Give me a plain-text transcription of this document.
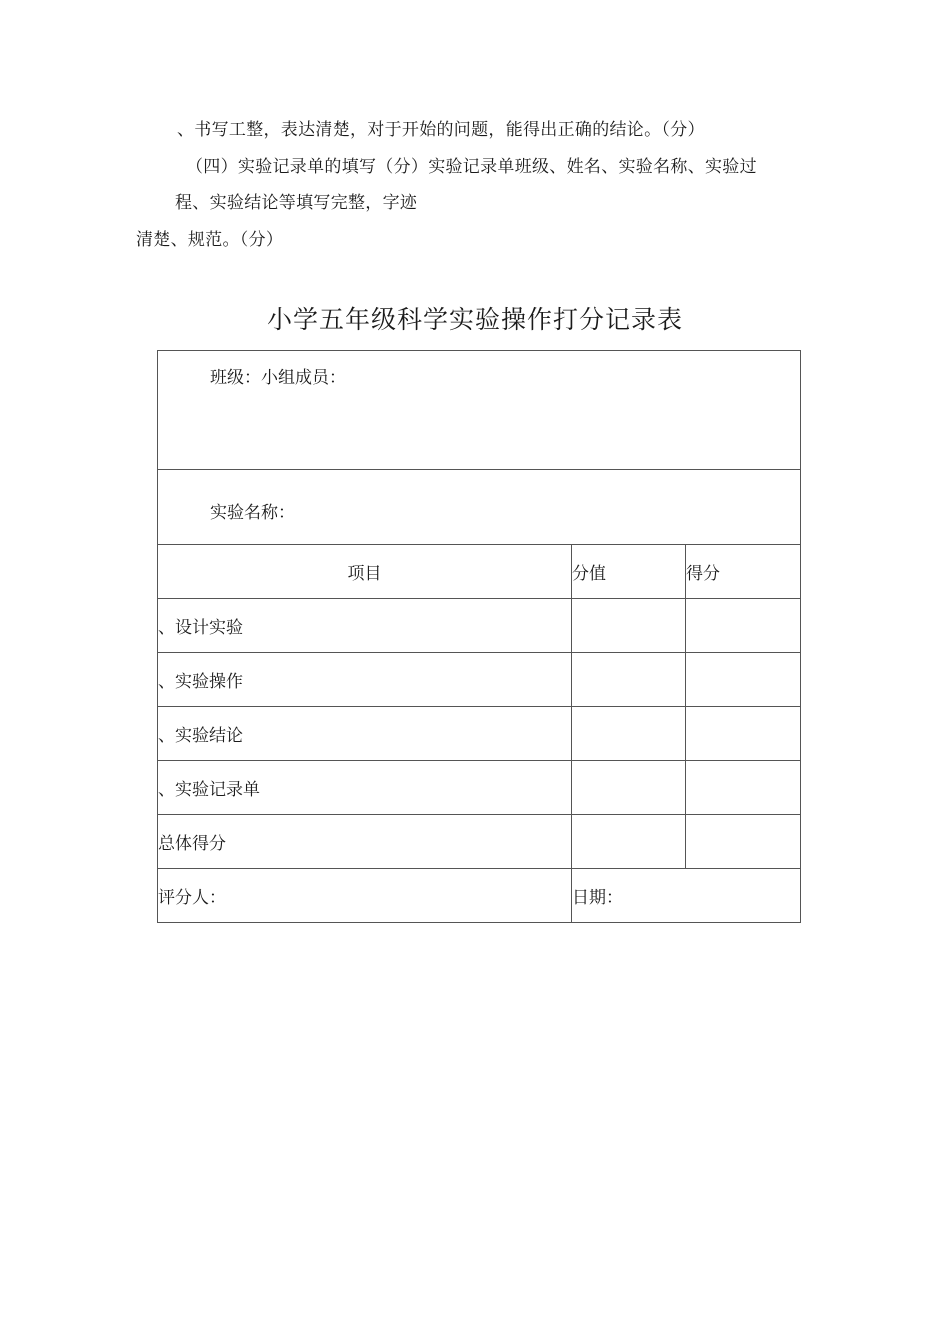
、书写工整，表达清楚，对于开始的问题，能得出正确的结论。（分）
（四）实验记录单的填写（分）实验记录单班级、姓名、实验名称、实验过
程、实验结论等填写完整，字迹
清楚、规范。（分）
小学五年级科学实验操作打分记录表
班级：小组成员：		

实验名称：		

项目	分值	得分
、设计实验		
、实验操作		
、实验结论		
、实验记录单		
总体得分		
评分人：	日期：	
